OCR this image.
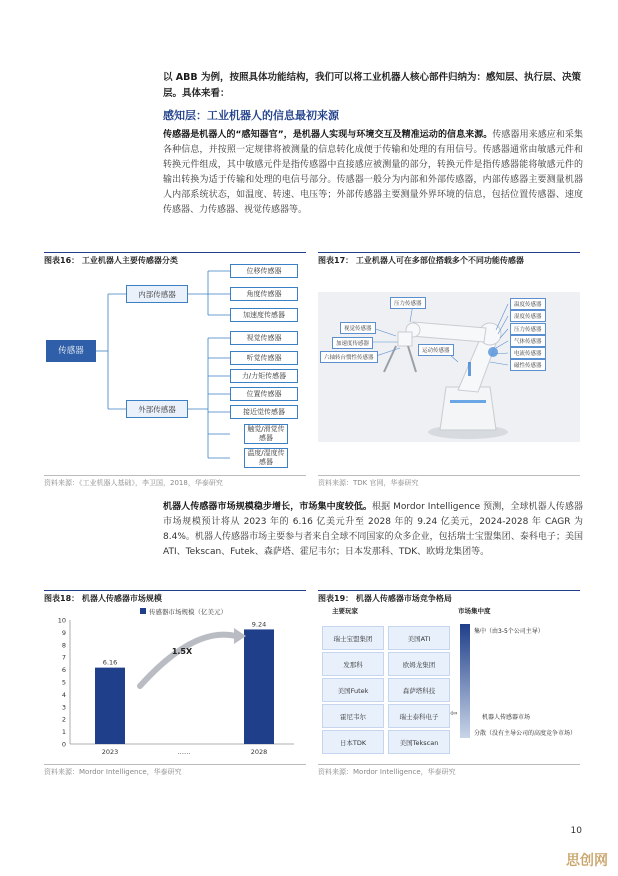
以 ABB 为例，按照具体功能结构，我们可以将工业机器人核心部件归纳为：感知层、执行层、决策层。具体来看：
感知层：工业机器人的信息最初来源
传感器是机器人的“感知器官”，是机器人实现与环境交互及精准运动的信息来源。传感器用来感应和采集各种信息，并按照一定规律将被测量的信息转化成便于传输和处理的有用信号。传感器通常由敏感元件和转换元件组成，其中敏感元件是指传感器中直接感应被测量的部分，转换元件是指传感器能将敏感元件的输出转换为适于传输和处理的电信号部分。传感器一般分为内部和外部传感器，内部传感器主要测量机器人内部系统状态，如温度、转速、电压等；外部传感器主要测量外界环境的信息，包括位置传感器、速度传感器、力传感器、视觉传感器等。
图表16： 工业机器人主要传感器分类
传感器
内部传感器
外部传感器
位移传感器
角度传感器
加速度传感器
视觉传感器
听觉传感器
力/力矩传感器
位置传感器
接近觉传感器
触觉/滑觉传感器
温度/湿度传感器
资料来源：《工业机器人基础》，李卫国，2018，华泰研究
图表17： 工业机器人可在多部位搭载多个不同功能传感器
视觉传感器
加速度传感器
六轴转台惯性传感器
压力传感器
运动传感器
温度传感器
湿度传感器
压力传感器
气体传感器
电流传感器
磁性传感器
资料来源：TDK 官网，华泰研究
机器人传感器市场规模稳步增长，市场集中度较低。根据 Mordor Intelligence 预测，全球机器人传感器市场规模预计将从 2023 年的 6.16 亿美元升至 2028 年的 9.24 亿美元，2024-2028 年 CAGR 为 8.4%。机器人传感器市场主要参与者来自全球不同国家的众多企业，包括瑞士宝盟集团、泰科电子；美国 ATI、Tekscan、Futek、森萨塔、霍尼韦尔；日本发那科、TDK、欧姆龙集团等。
图表18： 机器人传感器市场规模
0
1
2
3
4
5
6
7
8
9
10
传感器市场规模（亿美元）
6.16
2023
9.24
2028
……
1.5X
资料来源：Mordor Intelligence，华泰研究
图表19： 机器人传感器市场竞争格局
主要玩家
瑞士宝盟集团	美国ATI
发那科	欧姆龙集团
美国Futek	森萨塔科技
霍尼韦尔	瑞士泰科电子
日本TDK	美国Tekscan
市场集中度
集中（由3-5个公司主导）
⇦	机器人传感器市场
分散（没有主导公司的高度竞争市场）
资料来源：Mordor Intelligence，华泰研究
10
思创网
